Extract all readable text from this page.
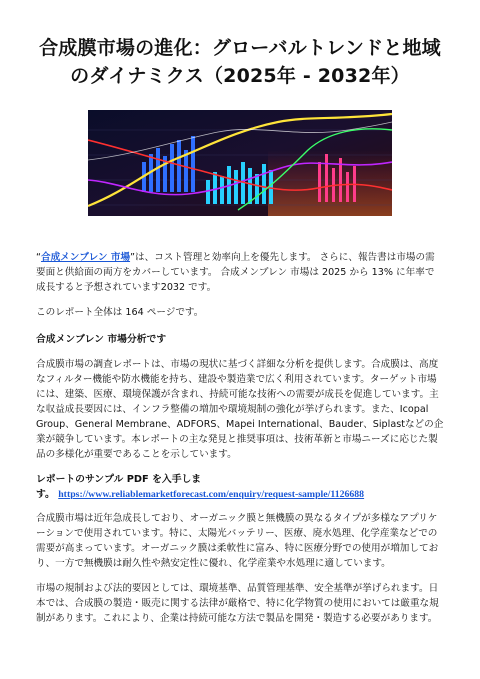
合成膜市場の進化：グローバルトレンドと地域
のダイナミクス（2025年 - 2032年）

“合成メンブレン 市場”は、コスト管理と効率向上を優先します。 さらに、報告書は市場の需要面と供給面の両方をカバーしています。 合成メンブレン 市場は 2025 から 13% に年率で成長すると予想されています2032 です。

このレポート全体は 164 ページです。

合成メンブレン 市場分析です

合成膜市場の調査レポートは、市場の現状に基づく詳細な分析を提供します。合成膜は、高度なフィルター機能や防水機能を持ち、建設や製造業で広く利用されています。ターゲット市場には、建築、医療、環境保護が含まれ、持続可能な技術への需要が成長を促進しています。主な収益成長要因には、インフラ整備の増加や環境規制の強化が挙げられます。また、Icopal Group、General Membrane、ADFORS、Mapei International、Bauder、Siplastなどの企業が競争しています。本レポートの主な発見と推奨事項は、技術革新と市場ニーズに応じた製品の多様化が重要であることを示しています。

レポートのサンプル PDF を入手します。 https://www.reliablemarketforecast.com/enquiry/request-sample/1126688

合成膜市場は近年急成長しており、オーガニック膜と無機膜の異なるタイプが多様なアプリケーションで使用されています。特に、太陽光バッテリー、医療、廃水処理、化学産業などでの需要が高まっています。オーガニック膜は柔軟性に富み、特に医療分野での使用が増加しており、一方で無機膜は耐久性や熱安定性に優れ、化学産業や水処理に適しています。

市場の規制および法的要因としては、環境基準、品質管理基準、安全基準が挙げられます。日本では、合成膜の製造・販売に関する法律が厳格で、特に化学物質の使用においては厳重な規制があります。これにより、企業は持続可能な方法で製品を開発・製造する必要があります。
